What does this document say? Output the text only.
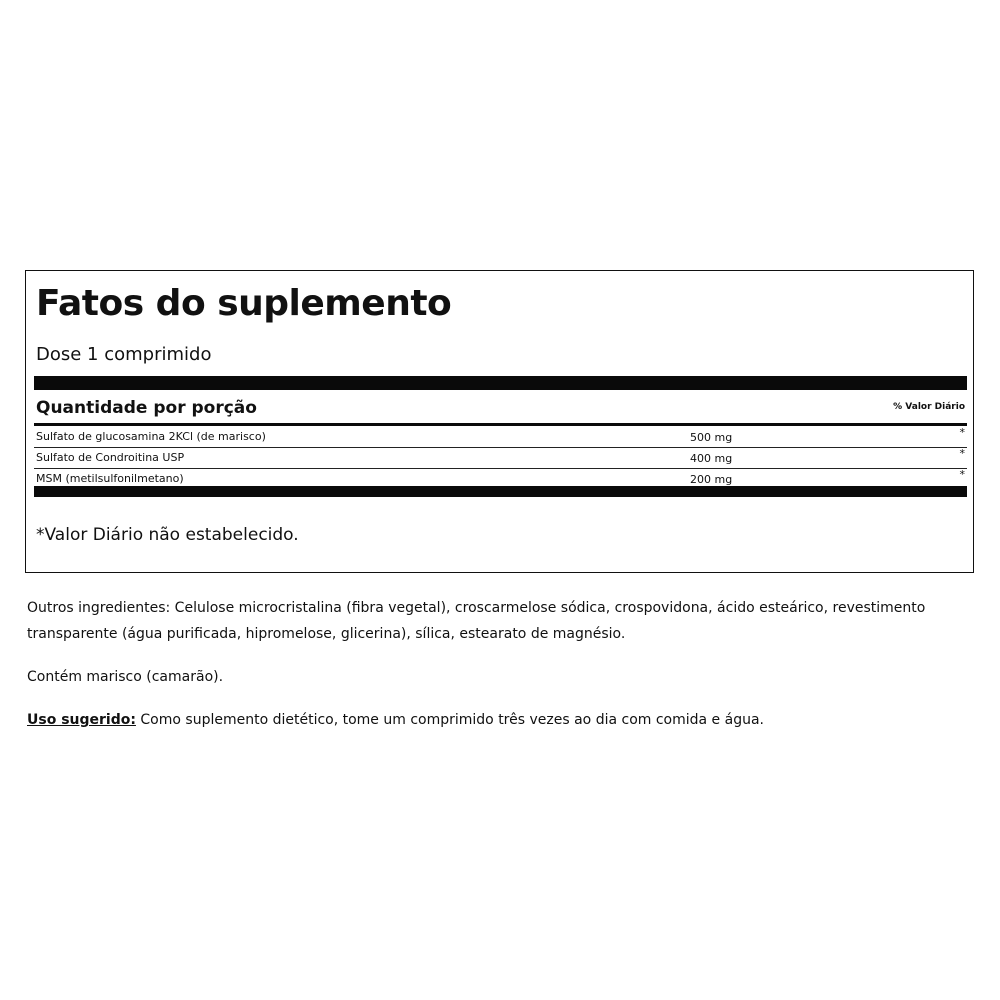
Fatos do suplemento
Dose 1 comprimido
Quantidade por porção	% Valor Diário
Sulfato de glucosamina 2KCl (de marisco)	500 mg	*
Sulfato de Condroitina USP	400 mg	*
MSM (metilsulfonilmetano)	200 mg	*
*Valor Diário não estabelecido.
Outros ingredientes: Celulose microcristalina (fibra vegetal), croscarmelose sódica, crospovidona, ácido esteárico, revestimento transparente (água purificada, hipromelose, glicerina), sílica, estearato de magnésio.
Contém marisco (camarão).
Uso sugerido: Como suplemento dietético, tome um comprimido três vezes ao dia com comida e água.
